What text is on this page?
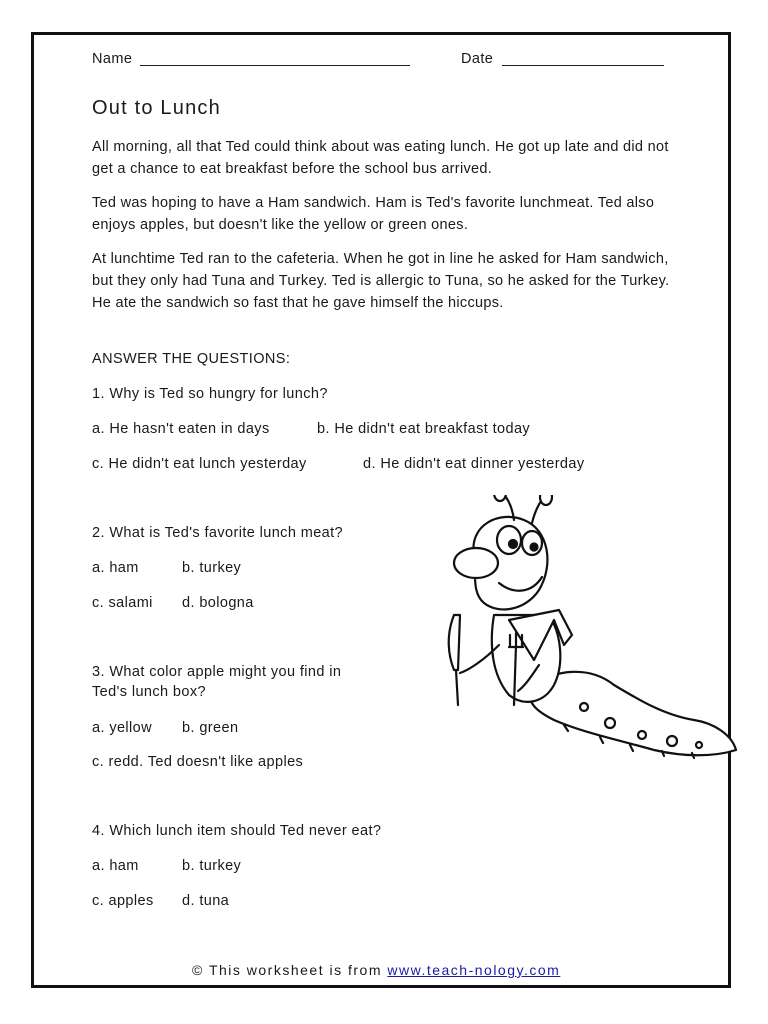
Name	Date
Out to Lunch
All morning, all that Ted could think about was eating lunch. He got up late and did not get a chance to eat breakfast before the school bus arrived.
Ted was hoping to have a Ham sandwich. Ham is Ted's favorite lunchmeat. Ted also enjoys apples, but doesn't like the yellow or green ones.
At lunchtime Ted ran to the cafeteria. When he got in line he asked for Ham sandwich, but they only had Tuna and Turkey. Ted is allergic to Tuna, so he asked for the Turkey. He ate the sandwich so fast that he gave himself the hiccups.
ANSWER THE QUESTIONS:
1. Why is Ted so hungry for lunch?
a. He hasn't eaten in days	b. He didn't eat breakfast today
c. He didn't eat lunch yesterday	d. He didn't eat dinner yesterday
2. What is Ted's favorite lunch meat?
a. ham	b. turkey
c. salami d. bologna
3. What color apple might you find in
Ted's lunch box?
a. yellow b. green
c. redd. Ted doesn't like apples
4. Which lunch item should Ted never eat?
a. ham	b. turkey
c. apples d. tuna
© This worksheet is from www.teach-nology.com
